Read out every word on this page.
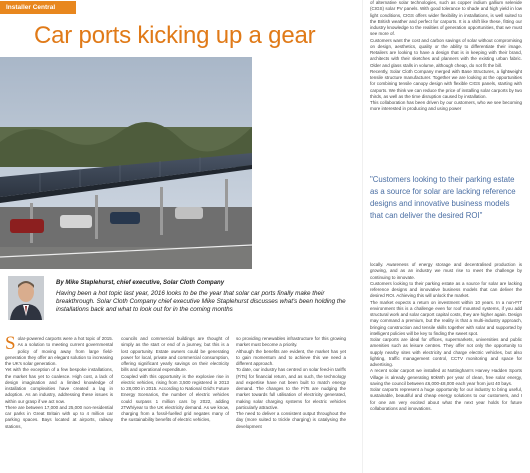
Installer Central
Car ports kicking up a gear
By Mike Staplehurst, chief executive, Solar Cloth Company

Having been a hot topic last year, 2016 looks to be the year that solar car ports finally make their breakthrough. Solar Cloth Company chief executive Mike Staplehurst discusses what's been holding the installations back and what to look out for in the coming months

Solar-powered carports were a hot topic of 2015. As a solution to meeting current governmental policy of moving away from large field-generation they offer an elegant solution to increasing the UK's solar generation.

Yet with the exception of a few bespoke installations, the market has yet to coalesce. High cost, a lack of design imagination and a limited knowledge of installation complexities have created a lag in adoption. As an industry, addressing these issues is within our grasp if we act now.

There are between 17,000 and 25,000 non-residential car parks in Great Britain with up to 4 million car parking spaces. Bays located at airports, railway stations,

councils and commercial buildings are thought of simply as the start or end of a journey, but this is a lost opportunity. Estate owners could be generating power for local, private and commercial consumption, offering significant yearly savings on their electricity bills and operational expenditure.

Coupled with this opportunity is the explosive rise in electric vehicles, rising from 3,500 registered in 2013 to 28,000 in 2015. According to National Grid's Future Energy Scenarios, the number of electric vehicles could surpass 1 million cars by 2022, adding 2TWh/year to the UK electricity demand. As we know, charging from a fossil-fuelled grid negates many of the sustainability benefits of electric vehicles,

so providing renewables infrastructure for this growing market must become a priority.

Although the benefits are evident, the market has yet to gain momentum and to achieve this we need a different approach.

To date, our industry has centred on solar feed-in tariffs (FiTs) for financial return, and as such, the technology and expertise have not been built to match energy demand. The changes to the FiTs are nudging the market towards full utilisation of electricity generated, making solar charging systems for electric vehicles particularly attractive.

The need to deliver a consistent output throughout the day (more suited to trickle charging) is catalysing the development

of alternative solar technologies, such as copper indium gallium selenide (CIGS) solar PV panels. With good tolerance to shade and high yield in low light conditions, CIGS offers wider flexibility in installations, is well suited to the British weather and perfect for carports. It is a shift like these, fitting our industry knowledge to the realities of generation opportunities, that we must see more of.

Customers want the cost and carbon savings of solar without compromising on design, aesthetics, quality or the ability to differentiate their image. Retailers are looking to have a design that is in keeping with their brand, architects with their sketches and planners with the existing urban fabric. Older and glass stalls in volume, although cheap, do not fit the bill.

Recently, Solar Cloth Company merged with Base Structures, a lightweight tensile structure manufacturer. Together we are looking at the opportunities for combining tensile canopy design with flexible CIGS panels, starting with carports. We think we can reduce the price of installing solar carports by two thirds, as well as the time disruption caused by installation.

This collaboration has been driven by our customers, who we see becoming more interested in producing and using power

"Customers looking to their parking estate as a source for solar are lacking reference designs and innovative business models that can deliver the desired ROI"

locally. Awareness of energy storage and decentralised production is growing, and as an industry we must rise to meet the challenge by continuing to innovate.

Customers looking to their parking estate as a source for solar are lacking reference designs and innovative business models that can deliver the desired ROI. Achieving this will unlock the market.

The market expects a return on investment within 10 years. In a non-FIT environment this is a challenge even for roof mounted systems, if you add structural work and solar carport capital costs, they are higher again. Design may command a premium, but the reality is that a multi-industry approach, bringing construction and tensile skills together with solar and supported by intelligent policies will be key to finding the sweet spot.

Solar carports are ideal for offices, supermarkets, universities and public amenities such as leisure centres. They offer not only the opportunity to supply nearby sites with electricity and charge electric vehicles, but also lighting, traffic management control, CCTV monitoring and space for advertising.

A recent solar carport we installed at Nottingham's Harvey Hadden Sports Village is already generating 60kWh per year of clean, free solar energy, saving the council between £6,000-£8,000 each year from just 40 bays.

Solar carports represent a huge opportunity for our industry to bring useful, sustainable, beautiful and cheap energy solutions to our customers, and I for one am very excited about what the next year holds for future collaborations and innovations.
